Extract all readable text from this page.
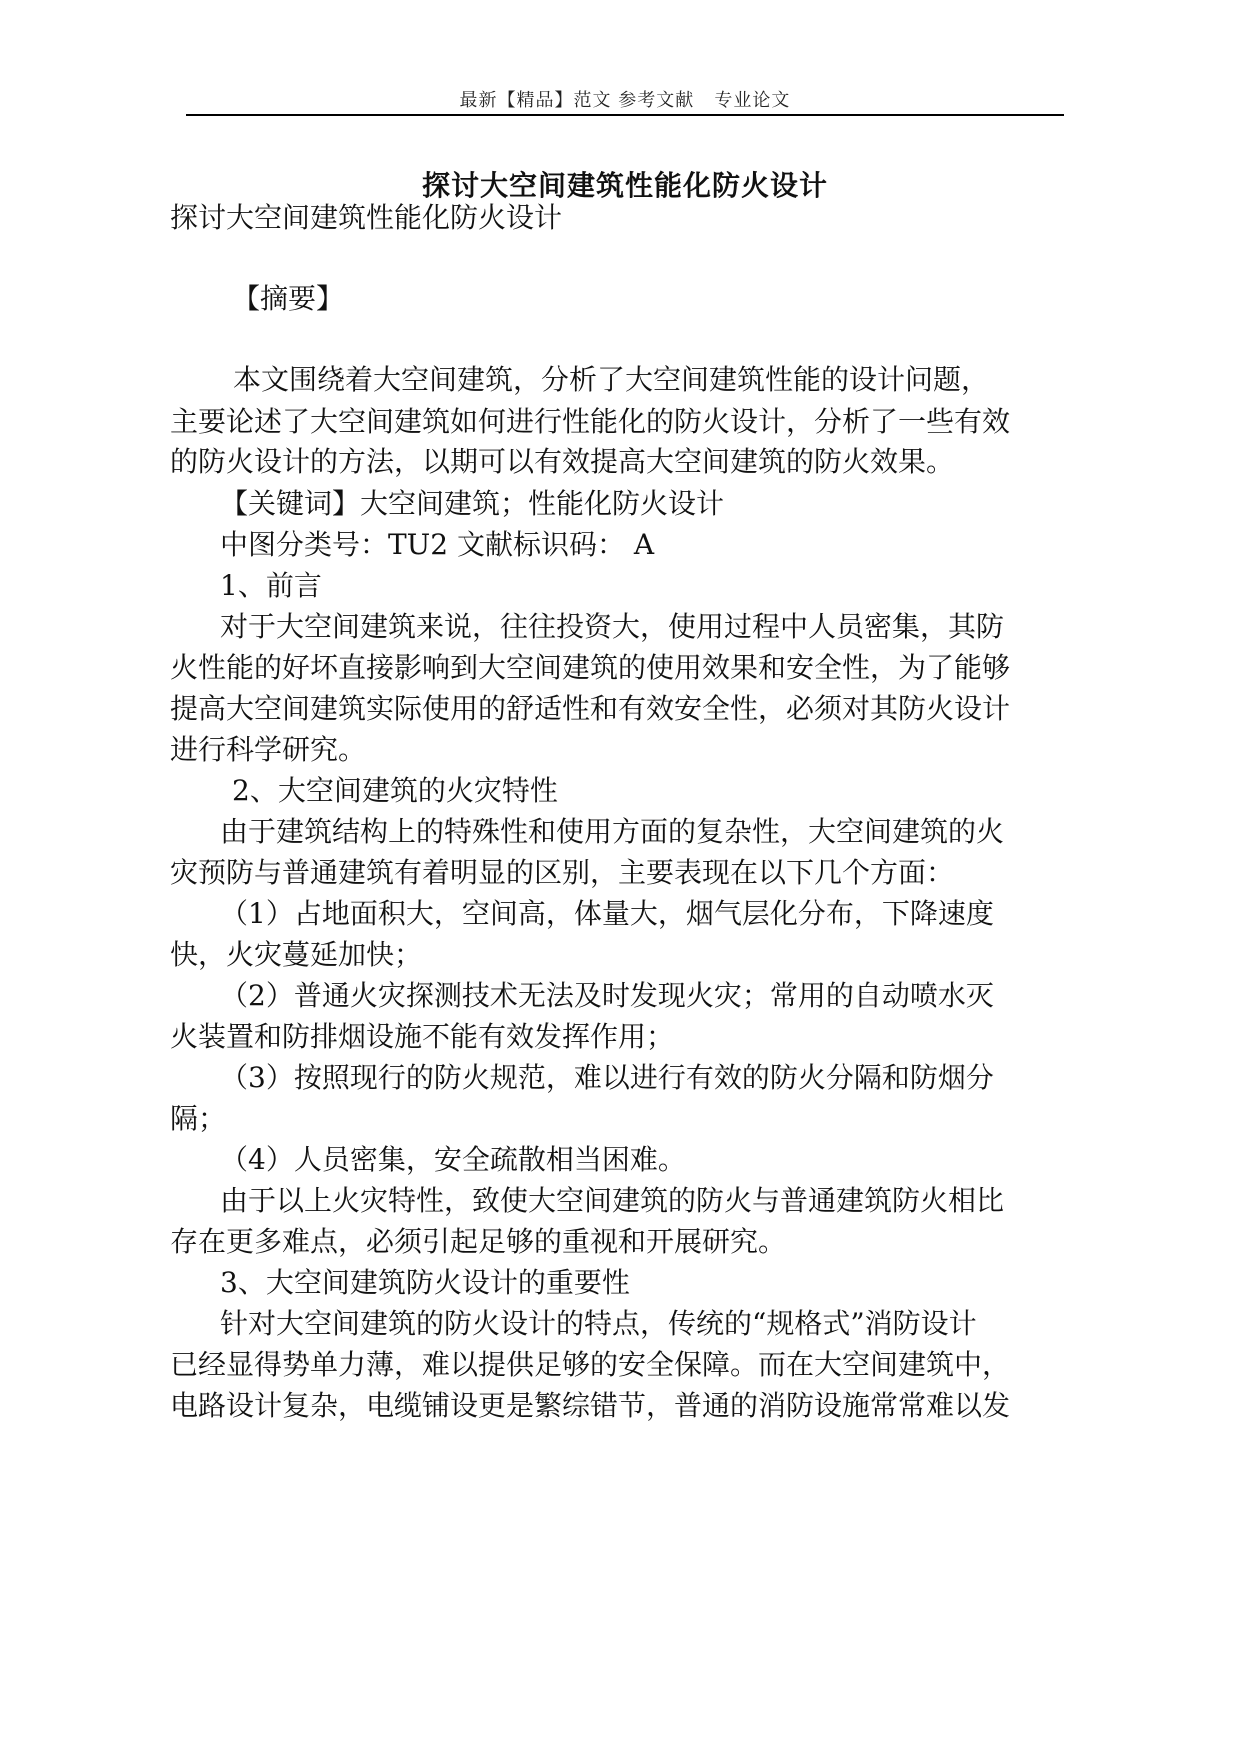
最新【精品】范文 参考文献   专业论文
探讨大空间建筑性能化防火设计
探讨大空间建筑性能化防火设计
【摘要】
本文围绕着大空间建筑，分析了大空间建筑性能的设计问题，
主要论述了大空间建筑如何进行性能化的防火设计，分析了一些有效
的防火设计的方法，以期可以有效提高大空间建筑的防火效果。
【关键词】大空间建筑；性能化防火设计
中图分类号：TU2 文献标识码： A
1、前言
对于大空间建筑来说，往往投资大，使用过程中人员密集，其防
火性能的好坏直接影响到大空间建筑的使用效果和安全性，为了能够
提高大空间建筑实际使用的舒适性和有效安全性，必须对其防火设计
进行科学研究。
2、大空间建筑的火灾特性
由于建筑结构上的特殊性和使用方面的复杂性，大空间建筑的火
灾预防与普通建筑有着明显的区别，主要表现在以下几个方面：
（1）占地面积大，空间高，体量大，烟气层化分布，下降速度
快，火灾蔓延加快；
（2）普通火灾探测技术无法及时发现火灾；常用的自动喷水灭
火装置和防排烟设施不能有效发挥作用；
（3）按照现行的防火规范，难以进行有效的防火分隔和防烟分
隔；
（4）人员密集，安全疏散相当困难。
由于以上火灾特性，致使大空间建筑的防火与普通建筑防火相比
存在更多难点，必须引起足够的重视和开展研究。
3、大空间建筑防火设计的重要性
针对大空间建筑的防火设计的特点，传统的“规格式”消防设计
已经显得势单力薄，难以提供足够的安全保障。而在大空间建筑中，
电路设计复杂，电缆铺设更是繁综错节，普通的消防设施常常难以发
